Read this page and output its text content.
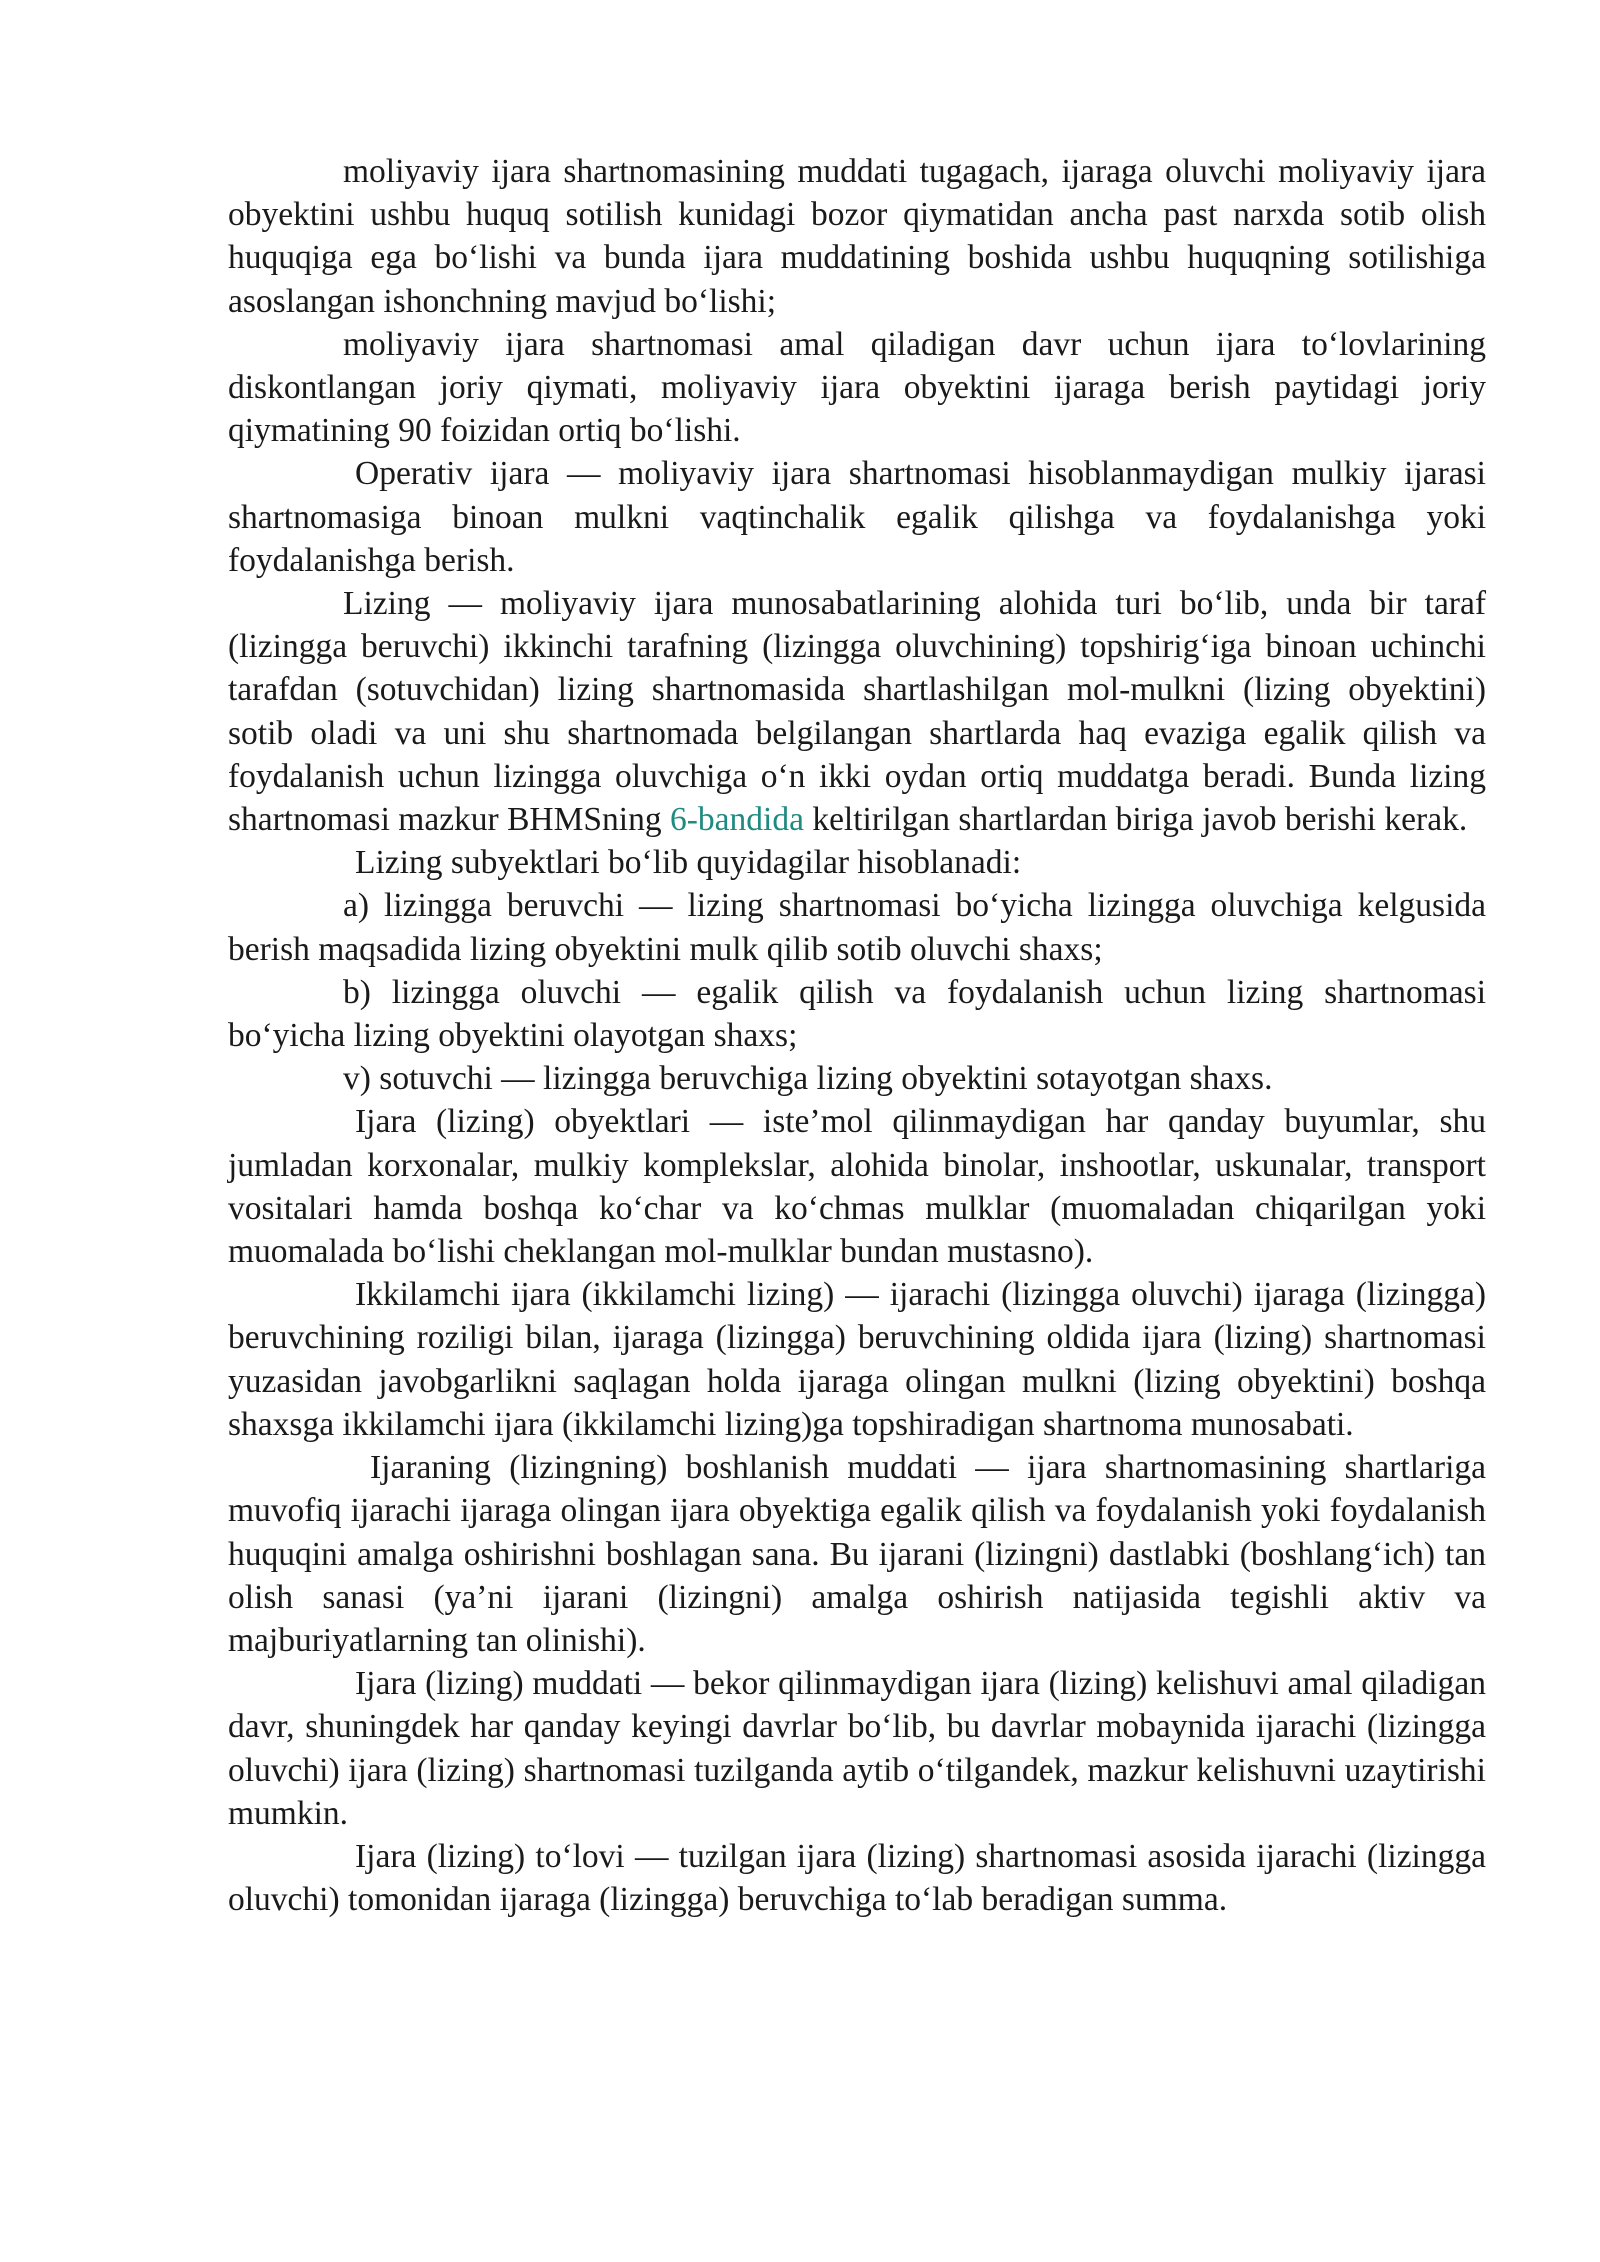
moliyaviy ijara shartnomasining muddati tugagach, ijaraga oluvchi moliyaviy ijara obyektini ushbu huquq sotilish kunidagi bozor qiymatidan ancha past narxda sotib olish huquqiga ega bo‘lishi va bunda ijara muddatining boshida ushbu huquqning sotilishiga asoslangan ishonchning mavjud bo‘lishi;

moliyaviy ijara shartnomasi amal qiladigan davr uchun ijara to‘lovlarining diskontlangan joriy qiymati, moliyaviy ijara obyektini ijaraga berish paytidagi joriy qiymatining 90 foizidan ortiq bo‘lishi.

Operativ ijara — moliyaviy ijara shartnomasi hisoblanmaydigan mulkiy ijarasi shartnomasiga binoan mulkni vaqtinchalik egalik qilishga va foydalanishga yoki foydalanishga berish.

Lizing — moliyaviy ijara munosabatlarining alohida turi bo‘lib, unda bir taraf (lizingga beruvchi) ikkinchi tarafning (lizingga oluvchining) topshirig‘iga binoan uchinchi tarafdan (sotuvchidan) lizing shartnomasida shartlashilgan mol-mulkni (lizing obyektini) sotib oladi va uni shu shartnomada belgilangan shartlarda haq evaziga egalik qilish va foydalanish uchun lizingga oluvchiga o‘n ikki oydan ortiq muddatga beradi. Bunda lizing shartnomasi mazkur BHMSning 6-bandida keltirilgan shartlardan biriga javob berishi kerak.

Lizing subyektlari bo‘lib quyidagilar hisoblanadi:

a) lizingga beruvchi — lizing shartnomasi bo‘yicha lizingga oluvchiga kelgusida berish maqsadida lizing obyektini mulk qilib sotib oluvchi shaxs;

b) lizingga oluvchi — egalik qilish va foydalanish uchun lizing shartnomasi bo‘yicha lizing obyektini olayotgan shaxs;

v) sotuvchi — lizingga beruvchiga lizing obyektini sotayotgan shaxs.

Ijara (lizing) obyektlari — iste’mol qilinmaydigan har qanday buyumlar, shu jumladan korxonalar, mulkiy komplekslar, alohida binolar, inshootlar, uskunalar, transport vositalari hamda boshqa ko‘char va ko‘chmas mulklar (muomaladan chiqarilgan yoki muomalada bo‘lishi cheklangan mol-mulklar bundan mustasno).

Ikkilamchi ijara (ikkilamchi lizing) — ijarachi (lizingga oluvchi) ijaraga (lizingga) beruvchining roziligi bilan, ijaraga (lizingga) beruvchining oldida ijara (lizing) shartnomasi yuzasidan javobgarlikni saqlagan holda ijaraga olingan mulkni (lizing obyektini) boshqa shaxsga ikkilamchi ijara (ikkilamchi lizing)ga topshiradigan shartnoma munosabati.

Ijaraning (lizingning) boshlanish muddati — ijara shartnomasining shartlariga muvofiq ijarachi ijaraga olingan ijara obyektiga egalik qilish va foydalanish yoki foydalanish huquqini amalga oshirishni boshlagan sana. Bu ijarani (lizingni) dastlabki (boshlang‘ich) tan olish sanasi (ya’ni ijarani (lizingni) amalga oshirish natijasida tegishli aktiv va majburiyatlarning tan olinishi).

Ijara (lizing) muddati — bekor qilinmaydigan ijara (lizing) kelishuvi amal qiladigan davr, shuningdek har qanday keyingi davrlar bo‘lib, bu davrlar mobaynida ijarachi (lizingga oluvchi) ijara (lizing) shartnomasi tuzilganda aytib o‘tilgandek, mazkur kelishuvni uzaytirishi mumkin.

Ijara (lizing) to‘lovi — tuzilgan ijara (lizing) shartnomasi asosida ijarachi (lizingga oluvchi) tomonidan ijaraga (lizingga) beruvchiga to‘lab beradigan summa.
